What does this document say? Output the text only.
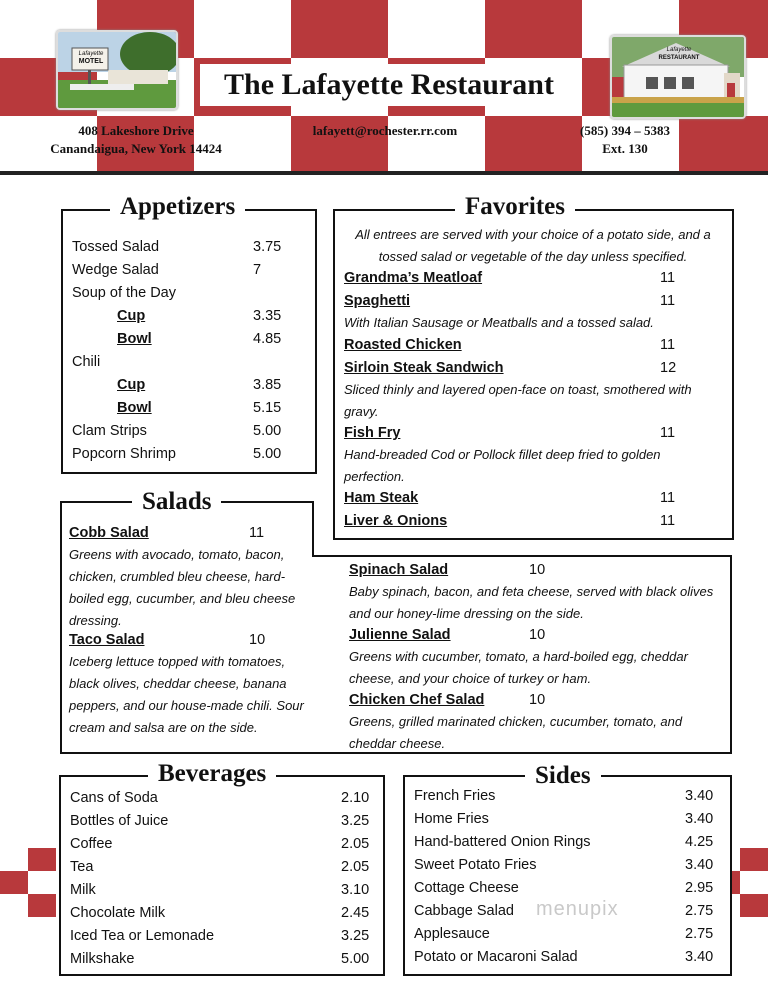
Lafayette
MOTEL
Lafayette
RESTAURANT
The Lafayette Restaurant
408 Lakeshore Drive
Canandaigua, New York 14424
lafayett@rochester.rr.com	(585) 394 – 5383
Ext. 130
Appetizers
Tossed Salad	3.75
Wedge Salad	7
Soup of the Day
Cup	3.35
Bowl	4.85
Chili
Cup	3.85
Bowl	5.15
Clam Strips	5.00
Popcorn Shrimp	5.00
Favorites
All entrees are served with your choice of a potato side, and a tossed salad or vegetable of the day unless specified.
Grandma’s Meatloaf	11
Spaghetti	11
With Italian Sausage or Meatballs and a tossed salad.
Roasted Chicken	11
Sirloin Steak Sandwich	12
Sliced thinly and layered open-face on toast, smothered with gravy.
Fish Fry	11
Hand-breaded Cod or Pollock fillet deep fried to golden perfection.
Ham Steak	11
Liver & Onions	11
Salads
Cobb Salad	11
Greens with avocado, tomato, bacon, chicken, crumbled bleu cheese, hard-boiled egg, cucumber, and bleu cheese dressing.
Taco Salad	10
Iceberg lettuce topped with tomatoes, black olives, cheddar cheese, banana peppers, and our house-made chili. Sour cream and salsa are on the side.
Spinach Salad	10
Baby spinach, bacon, and feta cheese, served with black olives and our honey-lime dressing on the side.
Julienne Salad	10
Greens with cucumber, tomato, a hard-boiled egg, cheddar cheese, and your choice of turkey or ham.
Chicken Chef Salad	10
Greens, grilled marinated chicken, cucumber, tomato, and cheddar cheese.
Beverages
Cans of Soda	2.10
Bottles of Juice	3.25
Coffee	2.05
Tea	2.05
Milk	3.10
Chocolate Milk	2.45
Iced Tea or Lemonade	3.25
Milkshake	5.00
Sides
French Fries	3.40
Home Fries	3.40
Hand-battered Onion Rings	4.25
Sweet Potato Fries	3.40
Cottage Cheese	2.95
Cabbage Salad	2.75
Applesauce	2.75
Potato or Macaroni Salad	3.40
menupix
